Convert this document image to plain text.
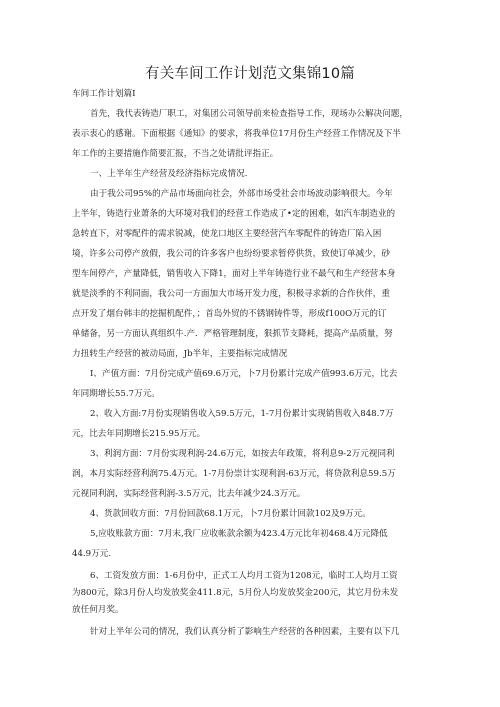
有关车间工作计划范文集锦10篇
车间工作计划篇I
首先，我代表铸造厂职工，对集团公司领导前来检查指导工作，现场办公解决问题，
表示衷心的感谢。下面根据《通知》的要求，将我单位17月份生产经营工作情况及下半
年工作的主要措施作简要汇报，不当之处请批评指正。
一、上半年生产经营及经济指标完成情况.
由于我公司95%的产品市场面向社会，外部市场受社会市场波动影响很大。今年
上半年，铸造行业萧条的大环境对我们的经营工作造成了•定的困难，如汽车制造业的
急转直下，对零配件的需求锐减，使龙口地区主要经营汽车零配件的铸造厂陷入困
境，许多公司停产放假，我公司的许多客户也纷纷要求暂停供货，致使订单减少，砂
型车间停产，产量降低，销售收入下降1，面对上半年铸造行业不最气和生产经营本身
就是淡季的不利同面，我公司一方面加大市场开发力度，积极寻求新的合作伙伴，重
点开发了烟台韩丰的挖掘机配件，；首岛外贸的不锈钢铸件等，形成f100O万元的订
单储备，另一方面认真组织牛.产．严格管理制度，狠抓节支降耗，提高产品质量，努
力扭转生产经营的被动局面，Jb半年，主要指标完成情况
I、产值方面：7月份完成产值69.6万元，卜7月份累计完成产值993.6万元，比去
年同期增长55.7万元。
2、收入方面:7月份实现销售收入59.5万元，1-7月份累计实现销售收入848.7万
元，比去年同期增长215.95万元。
3、利润方面：7月份实现利润-24.6万元，如按去年政策，将利息9-2万元视同利
润，本月实际经营利润75.4万元。1-7月份崇计实现利润-63万元，将贷款利息59.5万
元视同利润，实际经营利润-3.5万元，比去年减少24.3万元。
4、货款回收方面：7月份回款68.1万元，卜7月份累计回款102及9万元。
5,应收账款方面：7月末,我厂应收帐款余额为423.4万元比年初468.4万元降低
44.9万元.
6、工资发放方面：1-6月份中，正式工人均月工资为1208元，临时工人均月工资
为800元，除3月份人均发放奖金411.8元，5月份人均发放奖金200元，其它月份未发
放任何月奖。
针对上半年公司的情况，我们认真分析了影响生产经营的各种因素，主要有以下几
